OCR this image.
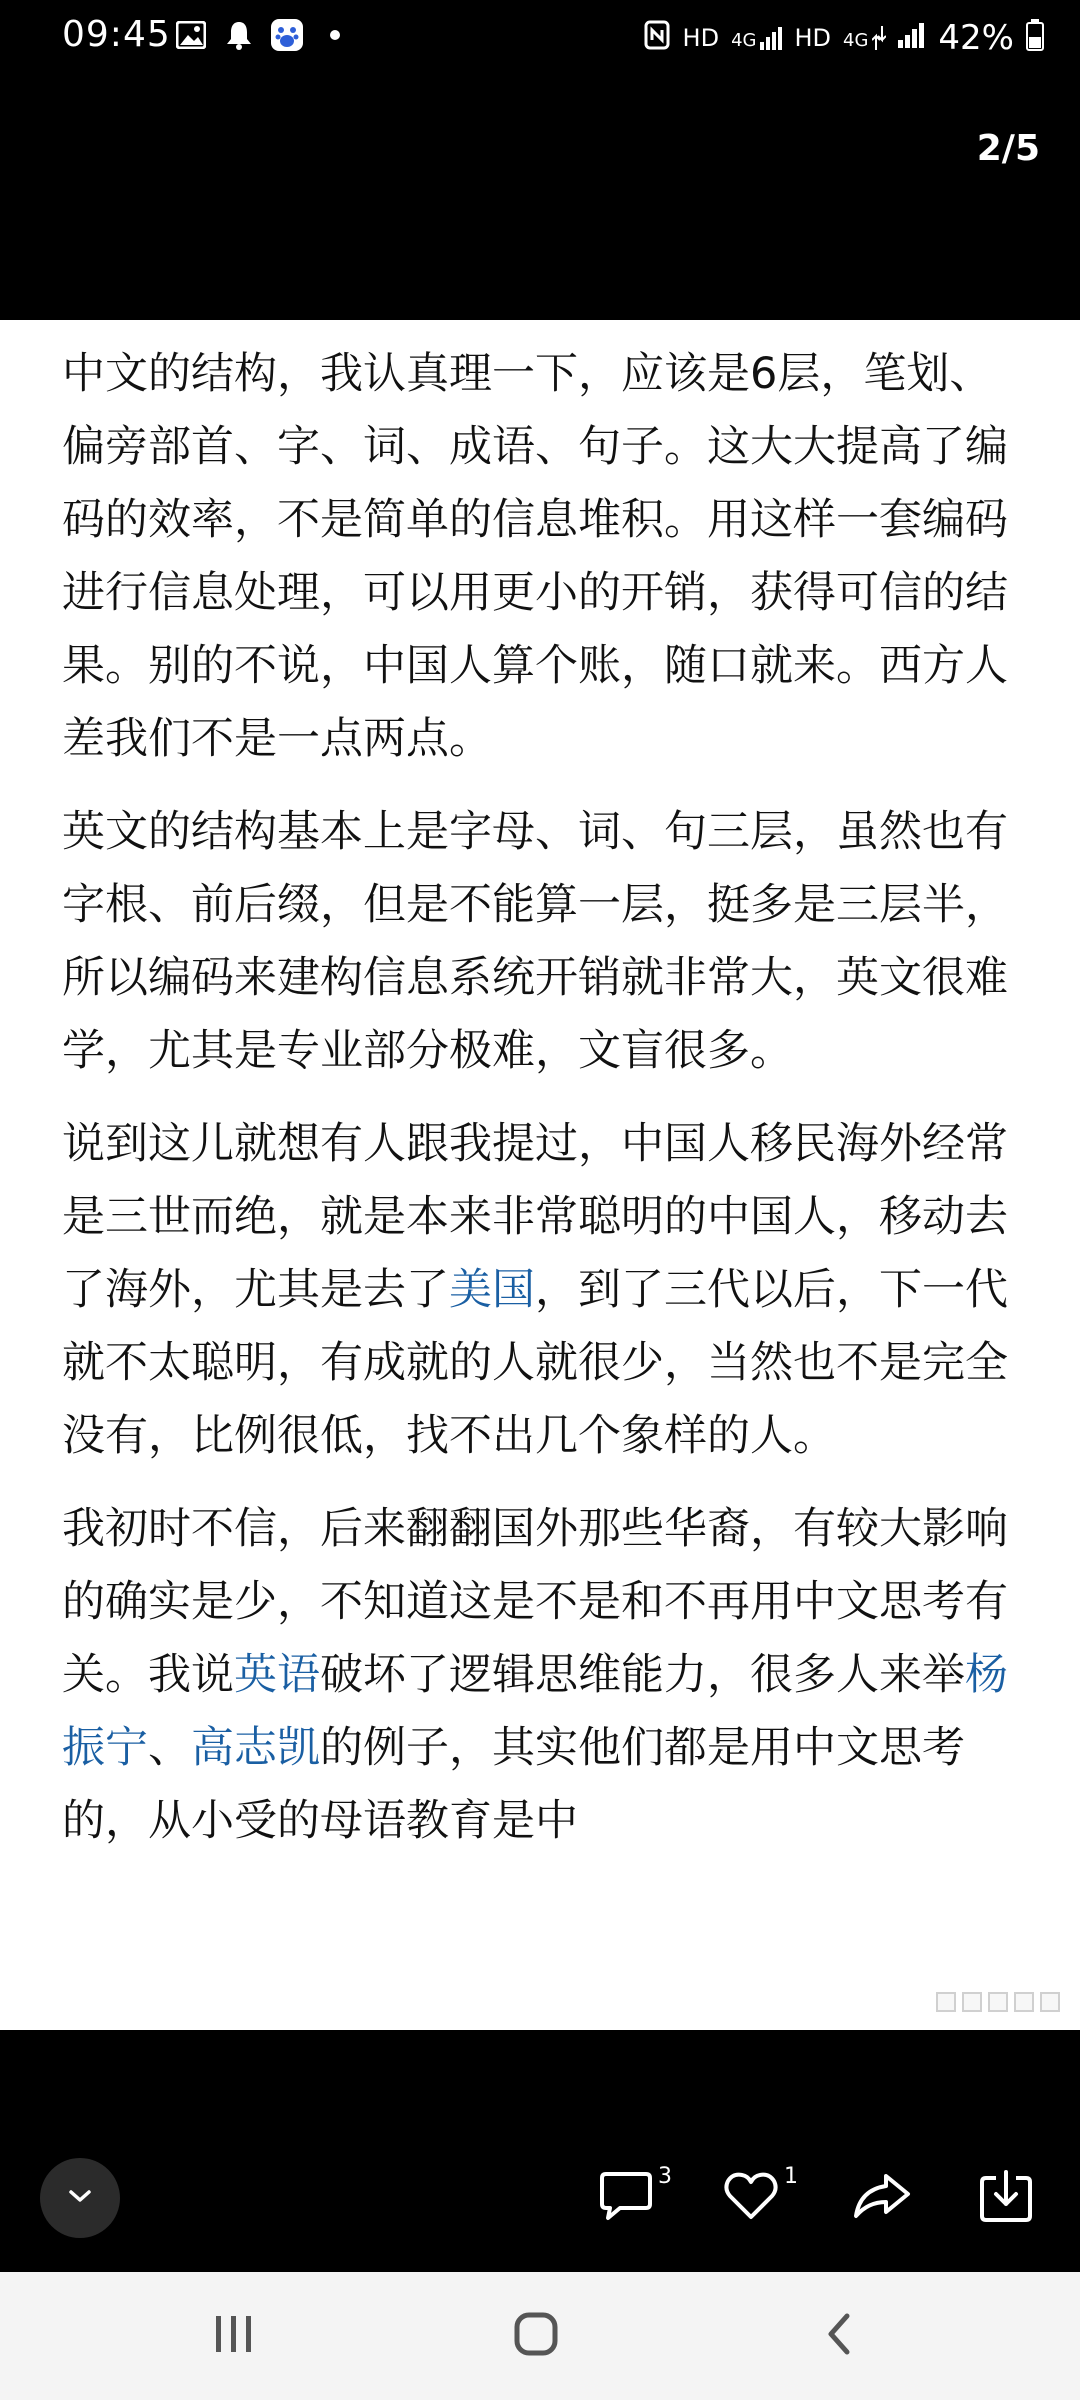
09:45	HD 4G HD 4G 42%
2/5

中文的结构，我认真理一下，应该是6层，笔划、偏旁部首、字、词、成语、句子。这大大提高了编码的效率，不是简单的信息堆积。用这样一套编码进行信息处理，可以用更小的开销，获得可信的结果。别的不说，中国人算个账，随口就来。西方人差我们不是一点两点。

英文的结构基本上是字母、词、句三层，虽然也有字根、前后缀，但是不能算一层，挺多是三层半，所以编码来建构信息系统开销就非常大，英文很难学，尤其是专业部分极难，文盲很多。

说到这儿就想有人跟我提过，中国人移民海外经常是三世而绝，就是本来非常聪明的中国人，移动去了海外，尤其是去了美国，到了三代以后，下一代就不太聪明，有成就的人就很少，当然也不是完全没有，比例很低，找不出几个象样的人。

我初时不信，后来翻翻国外那些华裔，有较大影响的确实是少，不知道这是不是和不再用中文思考有关。我说英语破坏了逻辑思维能力，很多人来举杨振宁、高志凯的例子，其实他们都是用中文思考的，从小受的母语教育是中

3	1
